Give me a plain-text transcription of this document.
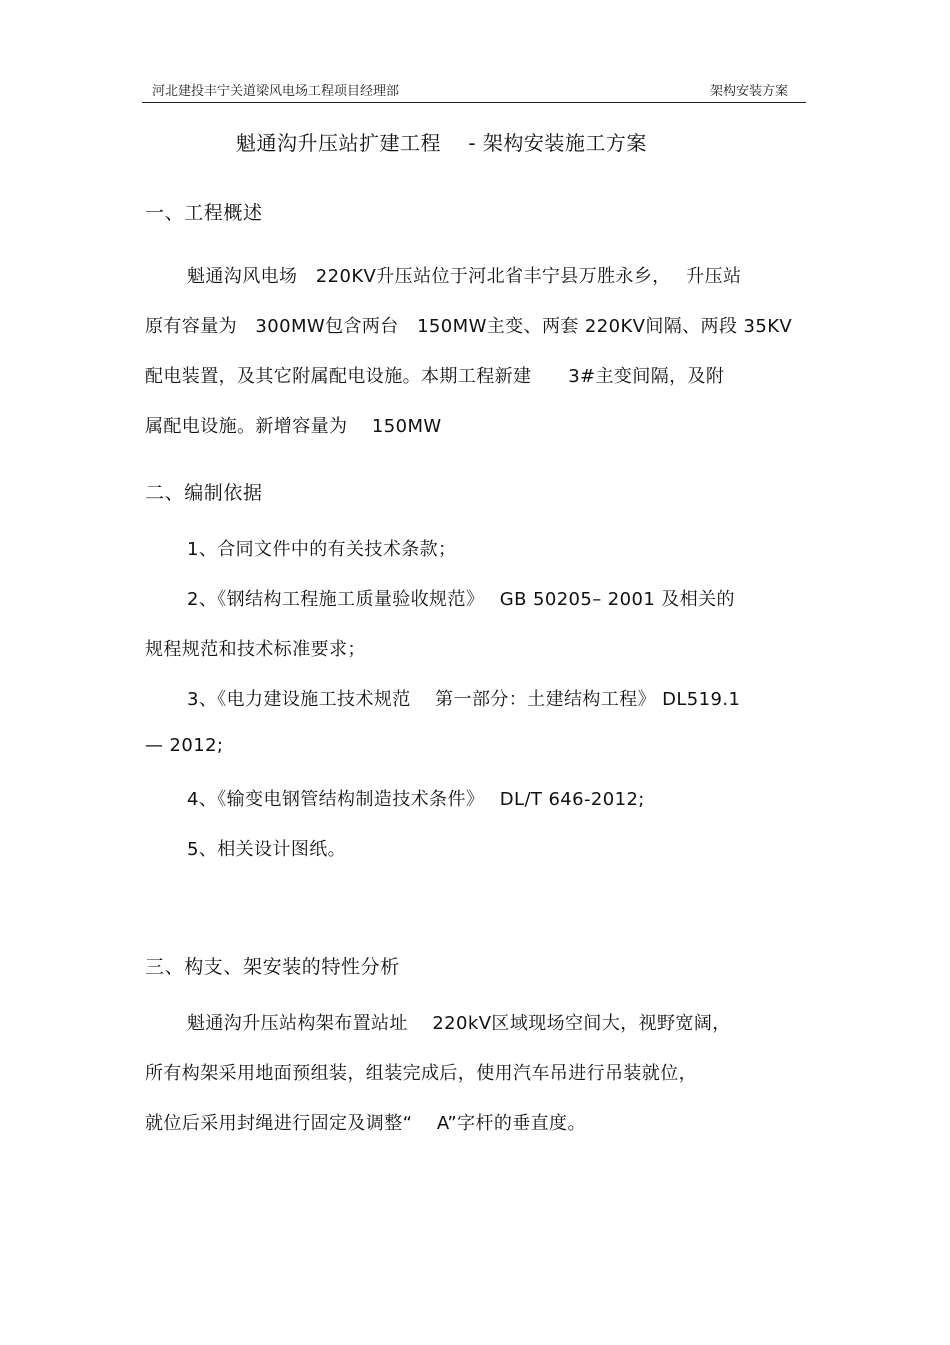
河北建投丰宁关道梁风电场工程项目经理部	架构安装方案
魁通沟升压站扩建工程　 - 架构安装施工方案
一、工程概述
魁通沟风电场　220KV升压站位于河北省丰宁县万胜永乡，　 升压站
原有容量为　300MW包含两台　150MW主变、两套 220KV间隔、两段 35KV
配电装置，及其它附属配电设施。本期工程新建　　3#主变间隔，及附
属配电设施。新增容量为　 150MW
二、编制依据
1、合同文件中的有关技术条款；
2、《钢结构工程施工质量验收规范》　 GB 50205– 2001 及相关的
规程规范和技术标准要求；
3、《电力建设施工技术规范　 第一部分：土建结构工程》 DL519.1
— 2012;
4、《输变电钢管结构制造技术条件》　 DL/T 646-2012;
5、相关设计图纸。
三、构支、架安装的特性分析
魁通沟升压站构架布置站址　 220kV区域现场空间大，视野宽阔，
所有构架采用地面预组装，组装完成后，使用汽车吊进行吊装就位，
就位后采用封绳进行固定及调整“　 A”字杆的垂直度。
